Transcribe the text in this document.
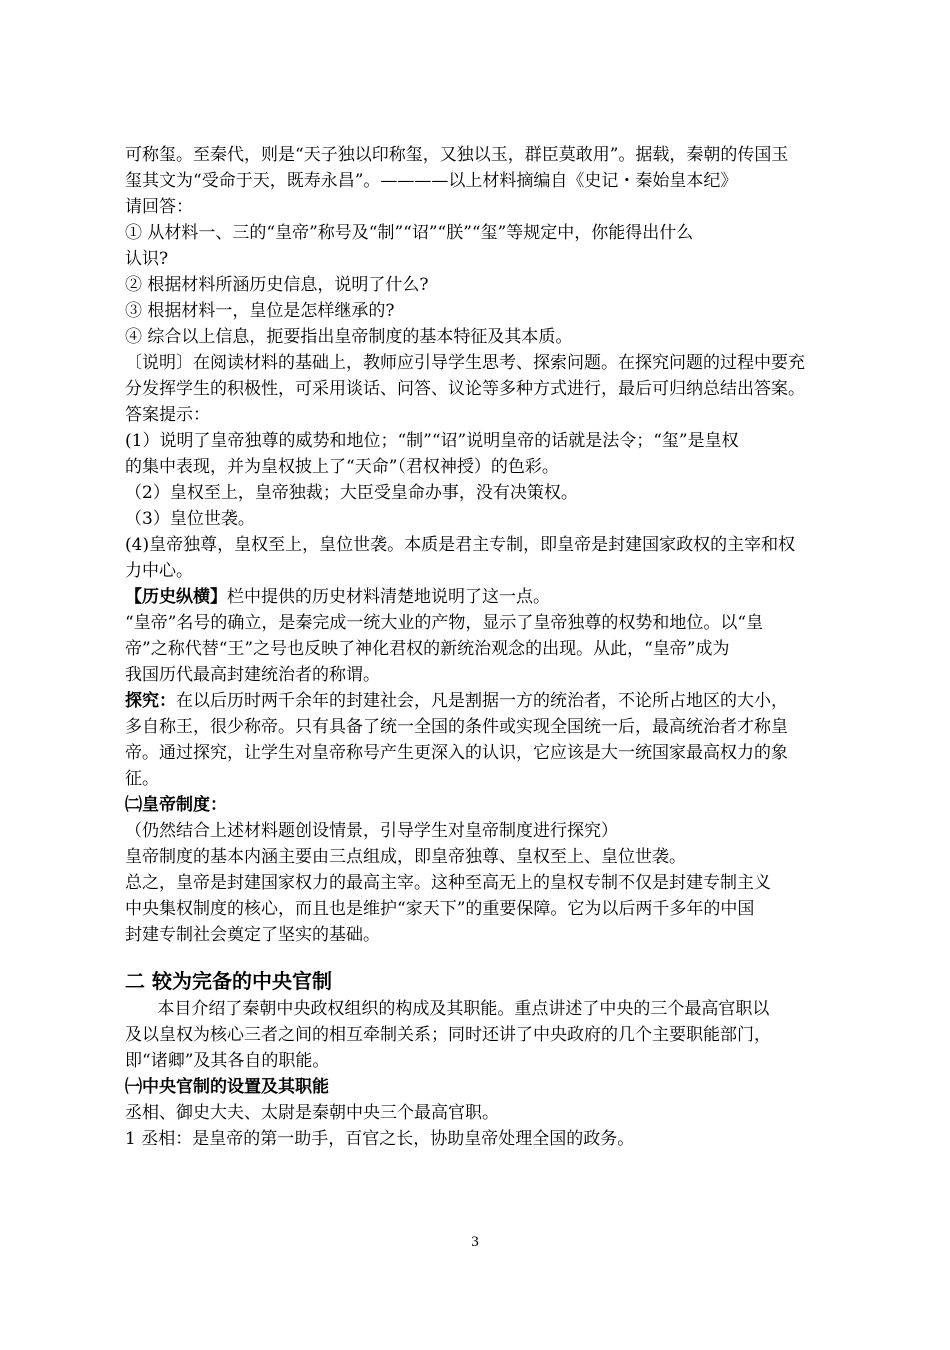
可称玺。至秦代，则是“天子独以印称玺，又独以玉，群臣莫敢用”。据载，秦朝的传国玉
玺其文为“受命于天，既寿永昌”。————以上材料摘编自《史记・秦始皇本纪》
请回答：
① 从材料一、三的“皇帝”称号及“制”“诏”“朕”“玺”等规定中，你能得出什么
认识?
② 根据材料所涵历史信息，说明了什么?
③ 根据材料一，皇位是怎样继承的?
④ 综合以上信息，扼要指出皇帝制度的基本特征及其本质。
〔说明〕在阅读材料的基础上，教师应引导学生思考、探索问题。在探究问题的过程中要充
分发挥学生的积极性，可采用谈话、问答、议论等多种方式进行，最后可归纳总结出答案。
答案提示：
(1）说明了皇帝独尊的威势和地位；“制”“诏”说明皇帝的话就是法令；“玺”是皇权
的集中表现，并为皇权披上了“天命”（君权神授）的色彩。
（2）皇权至上，皇帝独裁；大臣受皇命办事，没有决策权。
（3）皇位世袭。
(4)皇帝独尊，皇权至上，皇位世袭。本质是君主专制，即皇帝是封建国家政权的主宰和权
力中心。
【历史纵横】栏中提供的历史材料清楚地说明了这一点。
“皇帝”名号的确立，是秦完成一统大业的产物，显示了皇帝独尊的权势和地位。以“皇
帝”之称代替“王”之号也反映了神化君权的新统治观念的出现。从此，“皇帝”成为
我国历代最高封建统治者的称谓。
探究：在以后历时两千余年的封建社会，凡是割据一方的统治者，不论所占地区的大小，
多自称王，很少称帝。只有具备了统一全国的条件或实现全国统一后，最高统治者才称皇
帝。通过探究，让学生对皇帝称号产生更深入的认识，它应该是大一统国家最高权力的象
征。
㈡皇帝制度：
（仍然结合上述材料题创设情景，引导学生对皇帝制度进行探究）
皇帝制度的基本内涵主要由三点组成，即皇帝独尊、皇权至上、皇位世袭。
总之，皇帝是封建国家权力的最高主宰。这种至高无上的皇权专制不仅是封建专制主义
中央集权制度的核心，而且也是维护“家天下”的重要保障。它为以后两千多年的中国
封建专制社会奠定了坚实的基础。
二 较为完备的中央官制
本目介绍了秦朝中央政权组织的构成及其职能。重点讲述了中央的三个最高官职以
及以皇权为核心三者之间的相互牵制关系；同时还讲了中央政府的几个主要职能部门，
即“诸卿”及其各自的职能。
㈠中央官制的设置及其职能
丞相、御史大夫、太尉是秦朝中央三个最高官职。
1 丞相：是皇帝的第一助手，百官之长，协助皇帝处理全国的政务。
3
